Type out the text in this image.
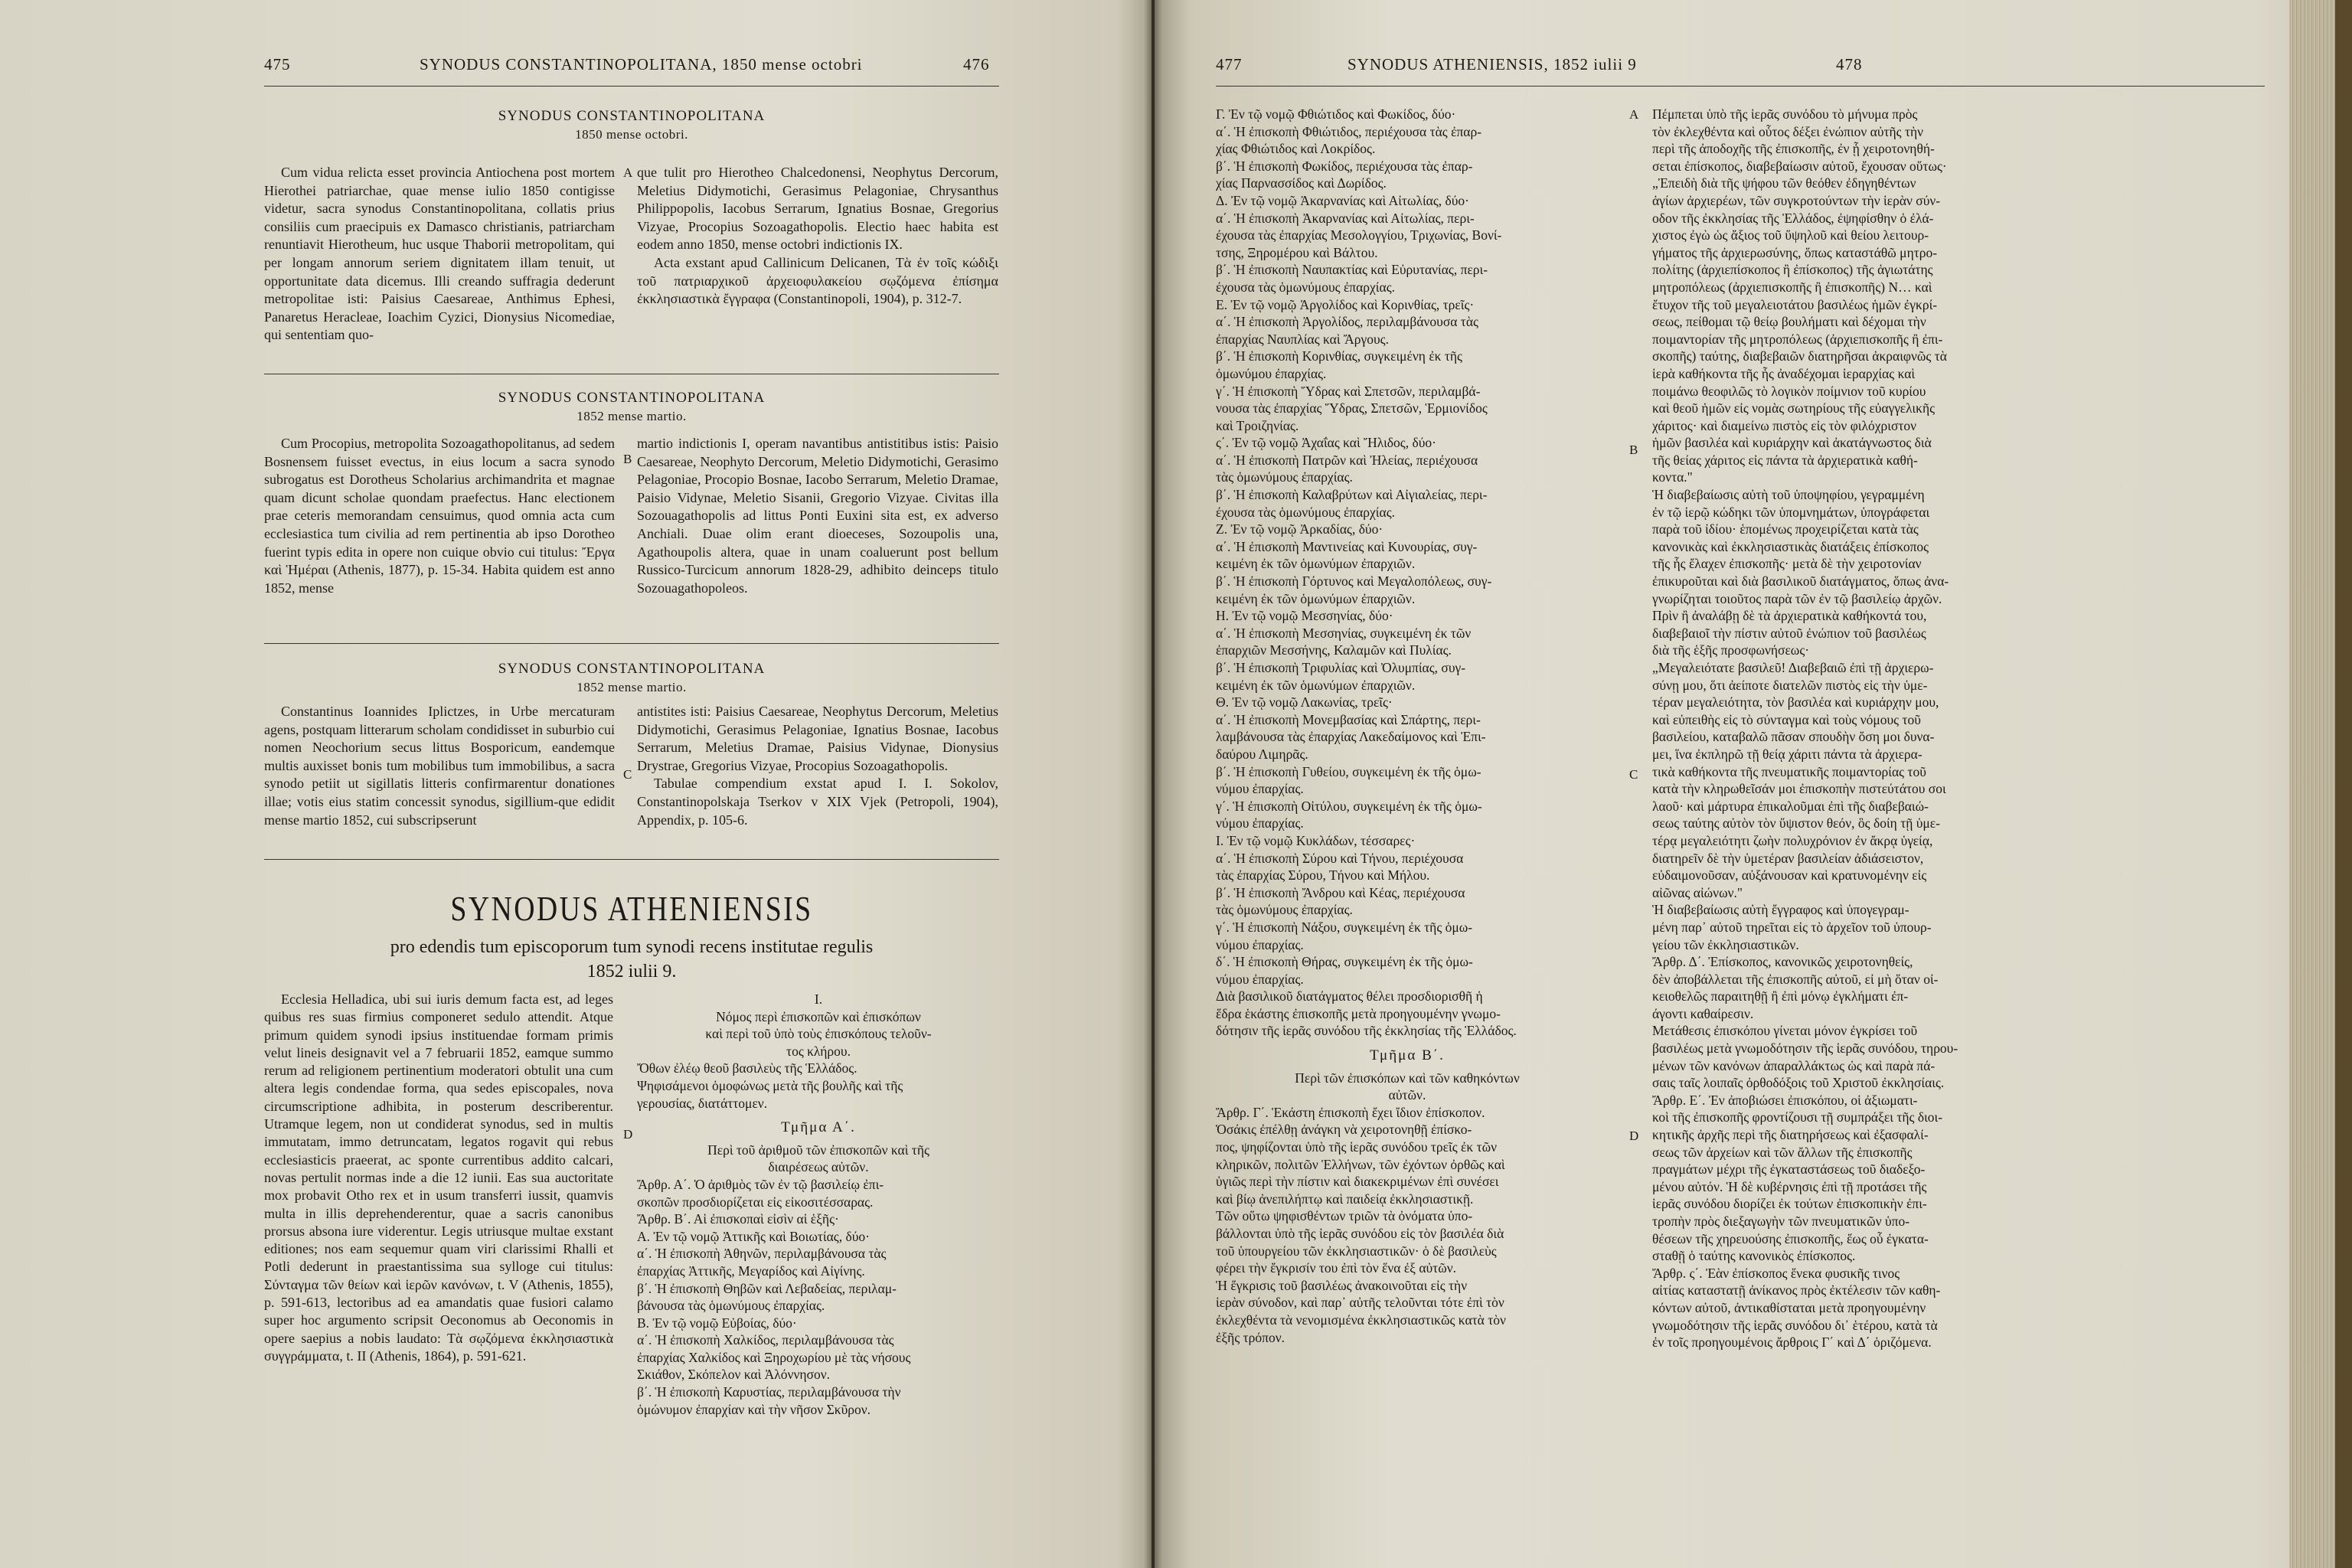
475	SYNODUS CONSTANTINOPOLITANA, 1850 mense octobri	476
SYNODUS CONSTANTINOPOLITANA
1850 mense octobri.

Cum vidua relicta esset provincia Antiochena post mortem Hierothei patriarchae, quae mense iulio 1850 contigisse videtur, sacra synodus Constantinopolitana, collatis prius consiliis cum praecipuis ex Damasco christianis, patriarcham renuntiavit Hierotheum, huc usque Thaborii metropolitam, qui per longam annorum seriem dignitatem illam tenuit, ut opportunitate data dicemus. Illi creando suffragia dederunt metropolitae isti: Paisius Caesareae, Anthimus Ephesi, Panaretus Heracleae, Ioachim Cyzici, Dionysius Nicomediae, qui sententiam quo-

A que tulit pro Hierotheo Chalcedonensi, Neophytus Dercorum, Meletius Didymotichi, Gerasimus Pelagoniae, Chrysanthus Philippopolis, Iacobus Serrarum, Ignatius Bosnae, Gregorius Vizyae, Procopius Sozoagathopolis. Electio haec habita est eodem anno 1850, mense octobri indictionis IX.

Acta exstant apud Callinicum Delicanen, Τὰ ἐν τοῖς κώδιξι τοῦ πατριαρχικοῦ ἀρχειοφυλακείου σῳζόμενα ἐπίσημα ἐκκλησιαστικὰ ἔγγραφα (Constantinopoli, 1904), p. 312-7.

SYNODUS CONSTANTINOPOLITANA
1852 mense martio.

Cum Procopius, metropolita Sozoagathopolitanus, ad sedem Bosnensem fuisset evectus, in eius locum a sacra synodo subrogatus est Dorotheus Scholarius archimandrita et magnae quam dicunt scholae quondam praefectus. Hanc electionem prae ceteris memorandam censuimus, quod omnia acta cum ecclesiastica tum civilia ad rem pertinentia ab ipso Dorotheo fuerint typis edita in opere non cuique obvio cui titulus: Ἔργα καὶ Ἡμέραι (Athenis, 1877), p. 15-34. Habita quidem est anno 1852, mense

B

martio indictionis I, operam navantibus antistitibus istis: Paisio Caesareae, Neophyto Dercorum, Meletio Didymotichi, Gerasimo Pelagoniae, Procopio Bosnae, Iacobo Serrarum, Meletio Dramae, Paisio Vidynae, Meletio Sisanii, Gregorio Vizyae. Civitas illa Sozouagathopolis ad littus Ponti Euxini sita est, ex adverso Anchiali. Duae olim erant dioeceses, Sozoupolis una, Agathoupolis altera, quae in unam coaluerunt post bellum Russico-Turcicum annorum 1828-29, adhibito deinceps titulo Sozouagathopoleos.

SYNODUS CONSTANTINOPOLITANA
1852 mense martio.

Constantinus Ioannides Iplictzes, in Urbe mercaturam agens, postquam litterarum scholam condidisset in suburbio cui nomen Neochorium secus littus Bosporicum, eandemque multis auxisset bonis tum mobilibus tum immobilibus, a sacra synodo petiit ut sigillatis litteris confirmarentur donationes illae; votis eius statim concessit synodus, sigillium-que edidit mense martio 1852, cui subscripserunt

C

antistites isti: Paisius Caesareae, Neophytus Dercorum, Meletius Didymotichi, Gerasimus Pelagoniae, Ignatius Bosnae, Iacobus Serrarum, Meletius Dramae, Paisius Vidynae, Dionysius Drystrae, Gregorius Vizyae, Procopius Sozoagathopolis.

Tabulae compendium exstat apud I. I. Sokolov, Constantinopolskaja Tserkov v XIX Vjek (Petropoli, 1904), Appendix, p. 105-6.

SYNODUS ATHENIENSIS
pro edendis tum episcoporum tum synodi recens institutae regulis
1852 iulii 9.

Ecclesia Helladica, ubi sui iuris demum facta est, ad leges quibus res suas firmius componeret sedulo attendit. Atque primum quidem synodi ipsius instituendae formam primis velut lineis designavit vel a 7 februarii 1852, eamque summo rerum ad religionem pertinentium moderatori obtulit una cum altera legis condendae forma, qua sedes episcopales, nova circumscriptione adhibita, in posterum describerentur. Utramque legem, non ut condiderat synodus, sed in multis immutatam, immo detruncatam, legatos rogavit qui rebus ecclesiasticis praeerat, ac sponte currentibus addito calcari, novas pertulit normas inde a die 12 iunii. Eas sua auctoritate mox probavit Otho rex et in usum transferri iussit, quamvis multa in illis deprehenderentur, quae a sacris canonibus prorsus absona iure viderentur. Legis utriusque multae exstant editiones; nos eam sequemur quam viri clarissimi Rhalli et Potli dederunt in praestantissima sua sylloge cui titulus: Σύνταγμα τῶν θείων καὶ ἱερῶν κανόνων, t. V (Athenis, 1855), p. 591-613, lectoribus ad ea amandatis quae fusiori calamo super hoc argumento scripsit Oeconomus ab Oeconomis in opere saepius a nobis laudato: Τὰ σῳζόμενα ἐκκλησιαστικὰ συγγράμματα, t. II (Athenis, 1864), p. 591-621.

D
I.
Νόμος περὶ ἐπισκοπῶν καὶ ἐπισκόπων
καὶ περὶ τοῦ ὑπὸ τοὺς ἐπισκόπους τελοῦν-
τος κλήρου.
Ὄθων ἐλέῳ θεοῦ βασιλεὺς τῆς Ἑλλάδος.
Ψηφισάμενοι ὁμοφώνως μετὰ τῆς βουλῆς καὶ τῆς
γερουσίας, διατάττομεν.
Τμῆμα Α΄.
Περὶ τοῦ ἀριθμοῦ τῶν ἐπισκοπῶν καὶ τῆς
διαιρέσεως αὐτῶν.
Ἄρθρ. Α΄. Ὁ ἀριθμὸς τῶν ἐν τῷ βασιλείῳ ἐπι-
σκοπῶν προσδιορίζεται εἰς εἰκοσιτέσσαρας.
Ἄρθρ. Β΄. Αἱ ἐπισκοπαὶ εἰσὶν αἱ ἑξῆς·
Α. Ἐν τῷ νομῷ Ἀττικῆς καὶ Βοιωτίας, δύο·
α΄. Ἡ ἐπισκοπὴ Ἀθηνῶν, περιλαμβάνουσα τὰς
ἐπαρχίας Ἀττικῆς, Μεγαρίδος καὶ Αἰγίνης.
β΄. Ἡ ἐπισκοπὴ Θηβῶν καὶ Λεβαδείας, περιλαμ-
βάνουσα τὰς ὁμωνύμους ἐπαρχίας.
Β. Ἐν τῷ νομῷ Εὐβοίας, δύο·
α΄. Ἡ ἐπισκοπὴ Χαλκίδος, περιλαμβάνουσα τὰς
ἐπαρχίας Χαλκίδος καὶ Ξηροχωρίου μὲ τὰς νήσους
Σκιάθον, Σκόπελον καὶ Ἀλόννησον.
β΄. Ἡ ἐπισκοπὴ Καρυστίας, περιλαμβάνουσα τὴν
ὁμώνυμον ἐπαρχίαν καὶ τὴν νῆσον Σκῦρον.
477	SYNODUS ATHENIENSIS, 1852 iulii 9	478
Γ. Ἐν τῷ νομῷ Φθιώτιδος καὶ Φωκίδος, δύο·
α΄. Ἡ ἐπισκοπὴ Φθιώτιδος, περιέχουσα τὰς ἐπαρ-
χίας Φθιώτιδος καὶ Λοκρίδος.
β΄. Ἡ ἐπισκοπὴ Φωκίδος, περιέχουσα τὰς ἐπαρ-
χίας Παρνασσίδος καὶ Δωρίδος.
Δ. Ἐν τῷ νομῷ Ἀκαρνανίας καὶ Αἰτωλίας, δύο·
α΄. Ἡ ἐπισκοπὴ Ἀκαρνανίας καὶ Αἰτωλίας, περι-
έχουσα τὰς ἐπαρχίας Μεσολογγίου, Τριχωνίας, Βονί-
τσης, Ξηρομέρου καὶ Βάλτου.
β΄. Ἡ ἐπισκοπὴ Ναυπακτίας καὶ Εὐρυτανίας, περι-
έχουσα τὰς ὁμωνύμους ἐπαρχίας.
Ε. Ἐν τῷ νομῷ Ἀργολίδος καὶ Κορινθίας, τρεῖς·
α΄. Ἡ ἐπισκοπὴ Ἀργολίδος, περιλαμβάνουσα τὰς
ἐπαρχίας Ναυπλίας καὶ Ἄργους.
β΄. Ἡ ἐπισκοπὴ Κορινθίας, συγκειμένη ἐκ τῆς
ὁμωνύμου ἐπαρχίας.
γ΄. Ἡ ἐπισκοπὴ Ὕδρας καὶ Σπετσῶν, περιλαμβά-
νουσα τὰς ἐπαρχίας Ὕδρας, Σπετσῶν, Ἑρμιονίδος
καὶ Τροιζηνίας.
ς΄. Ἐν τῷ νομῷ Ἀχαΐας καὶ Ἤλιδος, δύο·
α΄. Ἡ ἐπισκοπὴ Πατρῶν καὶ Ἠλείας, περιέχουσα
τὰς ὁμωνύμους ἐπαρχίας.
β΄. Ἡ ἐπισκοπὴ Καλαβρύτων καὶ Αἰγιαλείας, περι-
έχουσα τὰς ὁμωνύμους ἐπαρχίας.
Ζ. Ἐν τῷ νομῷ Ἀρκαδίας, δύο·
α΄. Ἡ ἐπισκοπὴ Μαντινείας καὶ Κυνουρίας, συγ-
κειμένη ἐκ τῶν ὁμωνύμων ἐπαρχιῶν.
β΄. Ἡ ἐπισκοπὴ Γόρτυνος καὶ Μεγαλοπόλεως, συγ-
κειμένη ἐκ τῶν ὁμωνύμων ἐπαρχιῶν.
Η. Ἐν τῷ νομῷ Μεσσηνίας, δύο·
α΄. Ἡ ἐπισκοπὴ Μεσσηνίας, συγκειμένη ἐκ τῶν
ἐπαρχιῶν Μεσσήνης, Καλαμῶν καὶ Πυλίας.
β΄. Ἡ ἐπισκοπὴ Τριφυλίας καὶ Ὀλυμπίας, συγ-
κειμένη ἐκ τῶν ὁμωνύμων ἐπαρχιῶν.
Θ. Ἐν τῷ νομῷ Λακωνίας, τρεῖς·
α΄. Ἡ ἐπισκοπὴ Μονεμβασίας καὶ Σπάρτης, περι-
λαμβάνουσα τὰς ἐπαρχίας Λακεδαίμονος καὶ Ἐπι-
δαύρου Λιμηρᾶς.
β΄. Ἡ ἐπισκοπὴ Γυθείου, συγκειμένη ἐκ τῆς ὁμω-
νύμου ἐπαρχίας.
γ΄. Ἡ ἐπισκοπὴ Οἰτύλου, συγκειμένη ἐκ τῆς ὁμω-
νύμου ἐπαρχίας.
Ι. Ἐν τῷ νομῷ Κυκλάδων, τέσσαρες·
α΄. Ἡ ἐπισκοπὴ Σύρου καὶ Τήνου, περιέχουσα
τὰς ἐπαρχίας Σύρου, Τήνου καὶ Μήλου.
β΄. Ἡ ἐπισκοπὴ Ἄνδρου καὶ Κέας, περιέχουσα
τὰς ὁμωνύμους ἐπαρχίας.
γ΄. Ἡ ἐπισκοπὴ Νάξου, συγκειμένη ἐκ τῆς ὁμω-
νύμου ἐπαρχίας.
δ΄. Ἡ ἐπισκοπὴ Θήρας, συγκειμένη ἐκ τῆς ὁμω-
νύμου ἐπαρχίας.
Διὰ βασιλικοῦ διατάγματος θέλει προσδιορισθῆ ἡ
ἕδρα ἑκάστης ἐπισκοπῆς μετὰ προηγουμένην γνωμο-
δότησιν τῆς ἱερᾶς συνόδου τῆς ἐκκλησίας τῆς Ἑλλάδος.
Τμῆμα Β΄.
Περὶ τῶν ἐπισκόπων καὶ τῶν καθηκόντων
αὐτῶν.
Ἄρθρ. Γ΄. Ἑκάστη ἐπισκοπὴ ἔχει ἴδιον ἐπίσκοπον.
Ὁσάκις ἐπέλθῃ ἀνάγκη νὰ χειροτονηθῇ ἐπίσκο-
πος, ψηφίζονται ὑπὸ τῆς ἱερᾶς συνόδου τρεῖς ἐκ τῶν
κληρικῶν, πολιτῶν Ἑλλήνων, τῶν ἐχόντων ὀρθῶς καὶ
ὑγιῶς περὶ τὴν πίστιν καὶ διακεκριμένων ἐπὶ συνέσει
καὶ βίῳ ἀνεπιλήπτῳ καὶ παιδείᾳ ἐκκλησιαστικῇ.
Τῶν οὕτω ψηφισθέντων τριῶν τὰ ὀνόματα ὑπο-
βάλλονται ὑπὸ τῆς ἱερᾶς συνόδου εἰς τὸν βασιλέα διὰ
τοῦ ὑπουργείου τῶν ἐκκλησιαστικῶν· ὁ δὲ βασιλεὺς
φέρει τὴν ἔγκρισίν του ἐπὶ τὸν ἕνα ἐξ αὐτῶν.
Ἡ ἔγκρισις τοῦ βασιλέως ἀνακοινοῦται εἰς τὴν
ἱερὰν σύνοδον, καὶ παρ᾿ αὐτῆς τελοῦνται τότε ἐπὶ τὸν
ἐκλεχθέντα τὰ νενομισμένα ἐκκλησιαστικῶς κατὰ τὸν
ἐξῆς τρόπον.
A
B
C
D
Πέμπεται ὑπὸ τῆς ἱερᾶς συνόδου τὸ μήνυμα πρὸς
τὸν ἐκλεχθέντα καὶ οὗτος δέξει ἐνώπιον αὐτῆς τὴν
περὶ τῆς ἀποδοχῆς τῆς ἐπισκοπῆς, ἐν ᾗ χειροτονηθή-
σεται ἐπίσκοπος, διαβεβαίωσιν αὐτοῦ, ἔχουσαν οὕτως·
„Ἐπειδὴ διὰ τῆς ψήφου τῶν θεόθεν ἐδηγηθέντων
ἁγίων ἀρχιερέων, τῶν συγκροτούντων τὴν ἱερὰν σύν-
οδον τῆς ἐκκλησίας τῆς Ἑλλάδος, ἐψηφίσθην ὁ ἐλά-
χιστος ἐγὼ ὡς ἄξιος τοῦ ὕψηλοῦ καὶ θείου λειτουρ-
γήματος τῆς ἀρχιερωσύνης, ὅπως καταστάθῶ μητρο-
πολίτης (ἀρχιεπίσκοπος ἢ ἐπίσκοπος) τῆς ἁγιωτάτης
μητροπόλεως (ἀρχιεπισκοπῆς ἢ ἐπισκοπῆς) N… καὶ
ἔτυχον τῆς τοῦ μεγαλειοτάτου βασιλέως ἡμῶν ἐγκρί-
σεως, πείθομαι τῷ θείῳ βουλήματι καὶ δέχομαι τὴν
ποιμαντορίαν τῆς μητροπόλεως (ἀρχιεπισκοπῆς ἢ ἐπι-
σκοπῆς) ταύτης, διαβεβαιῶν διατηρῆσαι ἀκραιφνῶς τὰ
ἱερὰ καθήκοντα τῆς ἧς ἀναδέχομαι ἱεραρχίας καὶ
ποιμάνω θεοφιλῶς τὸ λογικὸν ποίμνιον τοῦ κυρίου
καὶ θεοῦ ἡμῶν εἰς νομὰς σωτηρίους τῆς εὐαγγελικῆς
χάριτος· καὶ διαμείνω πιστὸς εἰς τὸν φιλόχριστον
ἡμῶν βασιλέα καὶ κυριάρχην καὶ ἀκατάγνωστος διὰ
τῆς θείας χάριτος εἰς πάντα τὰ ἀρχιερατικὰ καθή-
κοντα."
Ἡ διαβεβαίωσις αὐτὴ τοῦ ὑποψηφίου, γεγραμμένη
ἐν τῷ ἱερῷ κώδηκι τῶν ὑπομνημάτων, ὑπογράφεται
παρὰ τοῦ ἰδίου· ἑπομένως προχειρίζεται κατὰ τὰς
κανονικὰς καὶ ἐκκλησιαστικὰς διατάξεις ἐπίσκοπος
τῆς ἧς ἔλαχεν ἐπισκοπῆς· μετὰ δὲ τὴν χειροτονίαν
ἐπικυροῦται καὶ διὰ βασιλικοῦ διατάγματος, ὅπως ἀνα-
γνωρίζηται τοιοῦτος παρὰ τῶν ἐν τῷ βασιλείῳ ἀρχῶν.
Πρὶν ἢ ἀναλάβῃ δὲ τὰ ἀρχιερατικὰ καθήκοντά του,
διαβεβαιοῖ τὴν πίστιν αὐτοῦ ἐνώπιον τοῦ βασιλέως
διὰ τῆς ἑξῆς προσφωνήσεως·
„Μεγαλειότατε βασιλεῦ! Διαβεβαιῶ ἐπὶ τῇ ἀρχιερω-
σύνῃ μου, ὅτι ἀείποτε διατελῶν πιστὸς εἰς τὴν ὑμε-
τέραν μεγαλειότητα, τὸν βασιλέα καὶ κυριάρχην μου,
καὶ εὐπειθὴς εἰς τὸ σύνταγμα καὶ τοὺς νόμους τοῦ
βασιλείου, καταβαλῶ πᾶσαν σπουδὴν ὅση μοι δυνα-
μει, ἵνα ἐκπληρῶ τῇ θείᾳ χάριτι πάντα τὰ ἀρχιερα-
τικὰ καθήκοντα τῆς πνευματικῆς ποιμαντορίας τοῦ
κατὰ τὴν κληρωθεῖσάν μοι ἐπισκοπὴν πιστεύτάτου σοι
λαοῦ· καὶ μάρτυρα ἐπικαλοῦμαι ἐπὶ τῆς διαβεβαιώ-
σεως ταύτης αὐτὸν τὸν ὕψιστον θεόν, ὃς δοίη τῇ ὑμε-
τέρᾳ μεγαλειότητι ζωὴν πολυχρόνιον ἐν ἄκρᾳ ὑγείᾳ,
διατηρεῖν δὲ τὴν ὑμετέραν βασιλείαν ἀδιάσειστον,
εὐδαιμονοῦσαν, αὐξάνουσαν καὶ κρατυνομένην εἰς
αἰῶνας αἰώνων."
Ἡ διαβεβαίωσις αὐτὴ ἔγγραφος καὶ ὑπογεγραμ-
μένη παρ᾿ αὐτοῦ τηρεῖται εἰς τὸ ἀρχεῖον τοῦ ὑπουρ-
γείου τῶν ἐκκλησιαστικῶν.
Ἄρθρ. Δ΄. Ἐπίσκοπος, κανονικῶς χειροτονηθείς,
δὲν ἀποβάλλεται τῆς ἐπισκοπῆς αὐτοῦ, εἰ μὴ ὅταν οἰ-
κειοθελῶς παραιτηθῇ ἢ ἐπὶ μόνῳ ἐγκλήματι ἐπ-
άγοντι καθαίρεσιν.
Μετάθεσις ἐπισκόπου γίνεται μόνον ἐγκρίσει τοῦ
βασιλέως μετὰ γνωμοδότησιν τῆς ἱερᾶς συνόδου, τηρου-
μένων τῶν κανόνων ἀπαραλλάκτως ὡς καὶ παρὰ πά-
σαις ταῖς λοιπαῖς ὀρθοδόξοις τοῦ Χριστοῦ ἐκκλησίαις.
Ἄρθρ. Ε΄. Ἐν ἀποβιώσει ἐπισκόπου, οἱ ἀξιωματι-
κοὶ τῆς ἐπισκοπῆς φροντίζουσι τῇ συμπράξει τῆς διοι-
κητικῆς ἀρχῆς περὶ τῆς διατηρήσεως καὶ ἐξασφαλί-
σεως τῶν ἀρχείων καὶ τῶν ἄλλων τῆς ἐπισκοπῆς
πραγμάτων μέχρι τῆς ἐγκαταστάσεως τοῦ διαδεξο-
μένου αὐτόν. Ἡ δὲ κυβέρνησις ἐπὶ τῇ προτάσει τῆς
ἱερᾶς συνόδου διορίζει ἐκ τούτων ἐπισκοπικὴν ἐπι-
τροπὴν πρὸς διεξαγωγὴν τῶν πνευματικῶν ὑπο-
θέσεων τῆς χηρευούσης ἐπισκοπῆς, ἕως οὗ ἐγκατα-
σταθῇ ὁ ταύτης κανονικὸς ἐπίσκοπος.
Ἄρθρ. ς΄. Ἐὰν ἐπίσκοπος ἕνεκα φυσικῆς τινος
αἰτίας καταστατῇ ἀνίκανος πρὸς ἐκτέλεσιν τῶν καθη-
κόντων αὐτοῦ, ἀντικαθίσταται μετὰ προηγουμένην
γνωμοδότησιν τῆς ἱερᾶς συνόδου δι᾿ ἑτέρου, κατὰ τὰ
ἐν τοῖς προηγουμένοις ἄρθροις Γ΄ καὶ Δ΄ ὁριζόμενα.
